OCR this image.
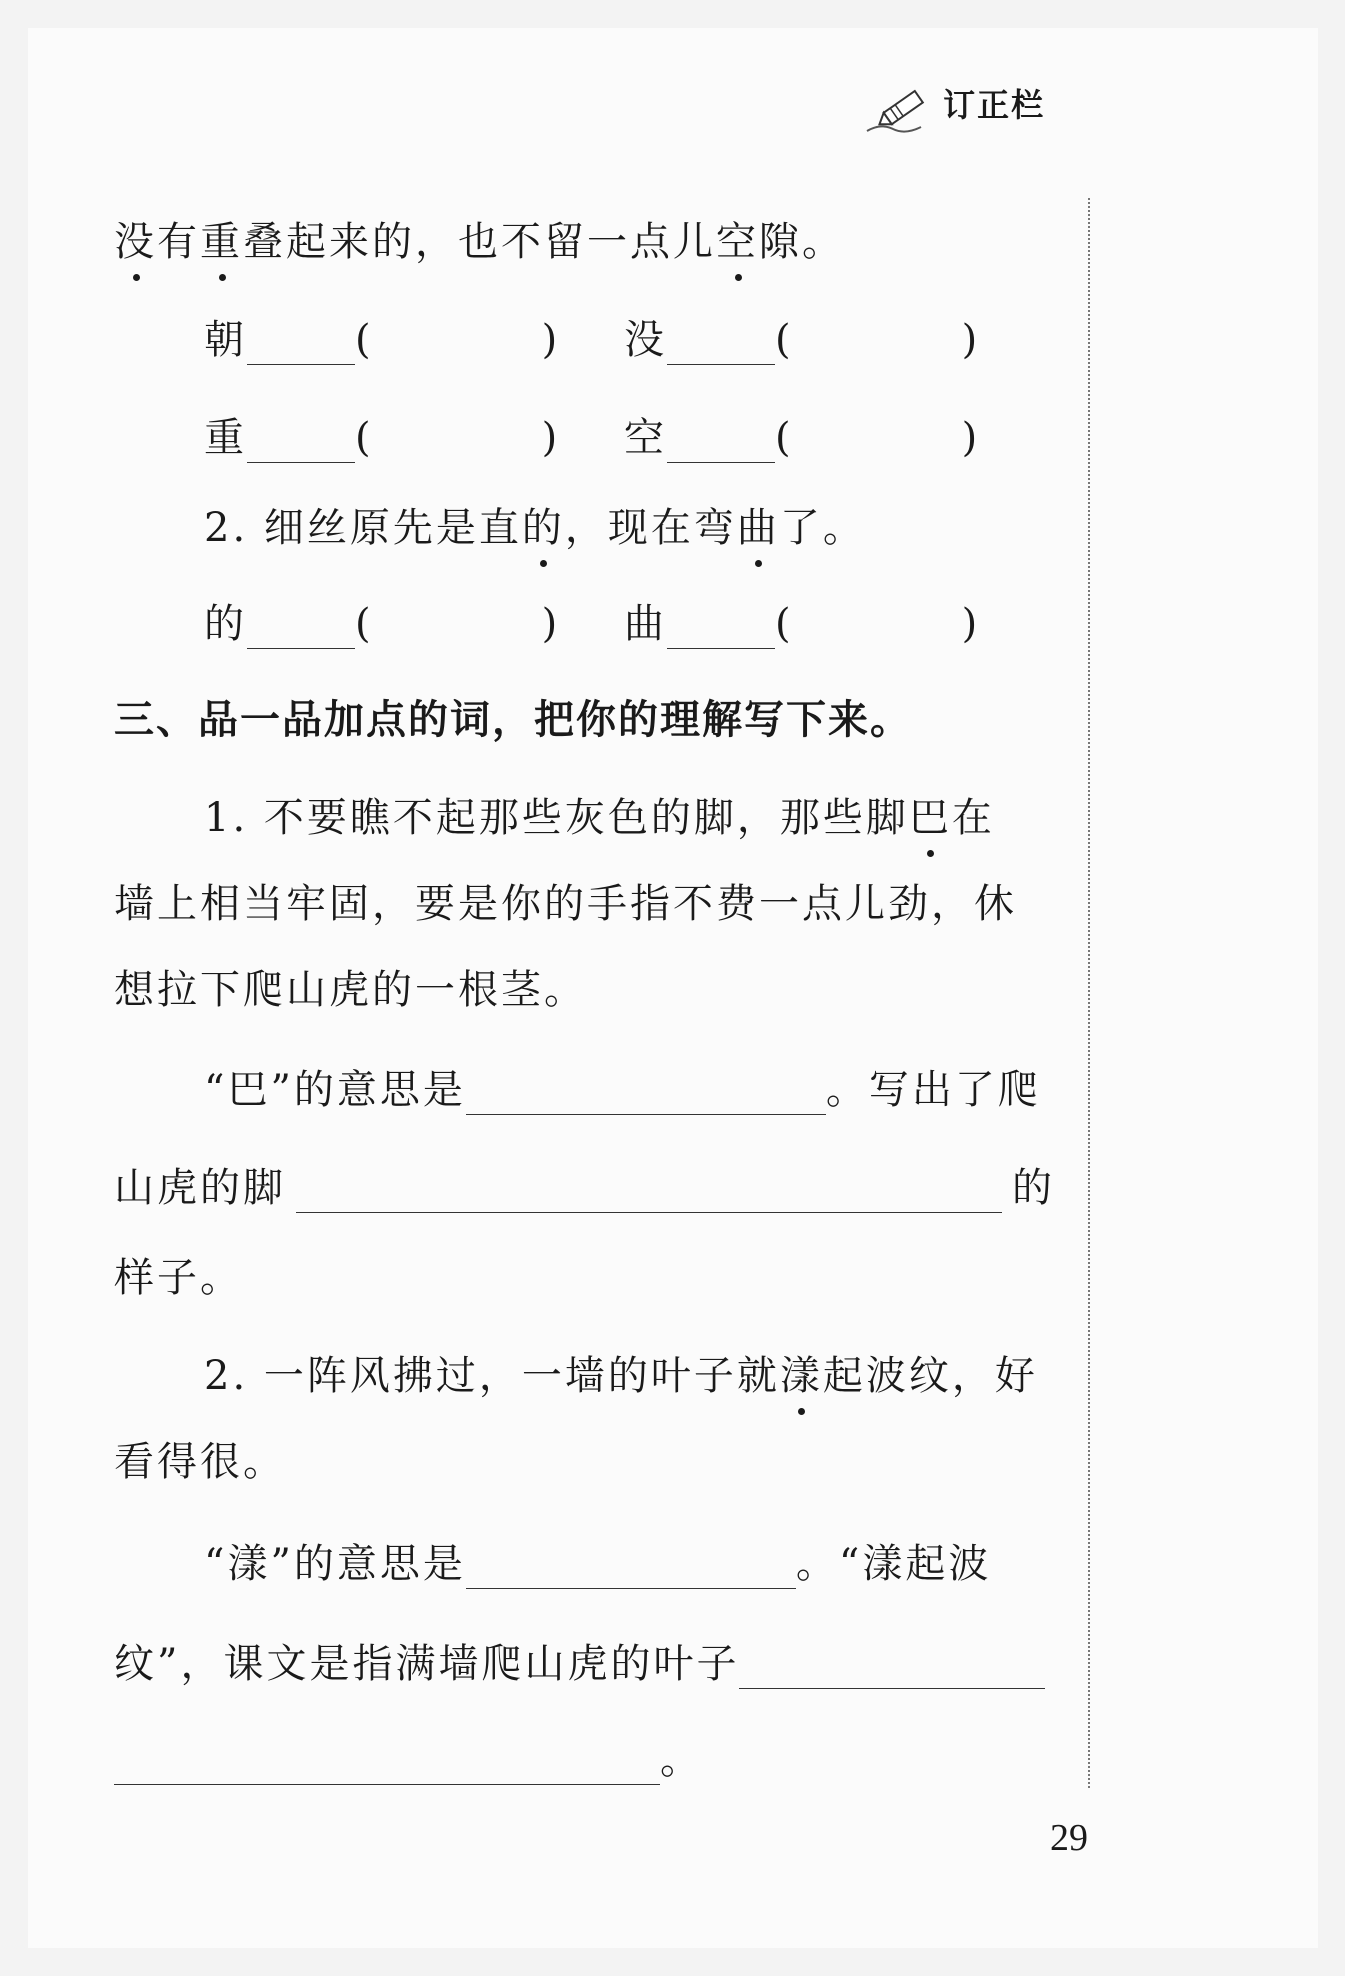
订正栏
没有重叠起来的，也不留一点儿空隙。
朝	(	) 没	(	)
重	(	) 空	(	)
2. 细丝原先是直的，现在弯曲了。
的	(	) 曲	(	)
三、品一品加点的词，把你的理解写下来。
1. 不要瞧不起那些灰色的脚，那些脚巴在
墙上相当牢固，要是你的手指不费一点儿劲，休
想拉下爬山虎的一根茎。
“巴”的意思是	。写出了爬
山虎的脚	的
样子。
2. 一阵风拂过，一墙的叶子就漾起波纹，好
看得很。
“漾”的意思是	。“漾起波
纹”，课文是指满墙爬山虎的叶子
。
29
